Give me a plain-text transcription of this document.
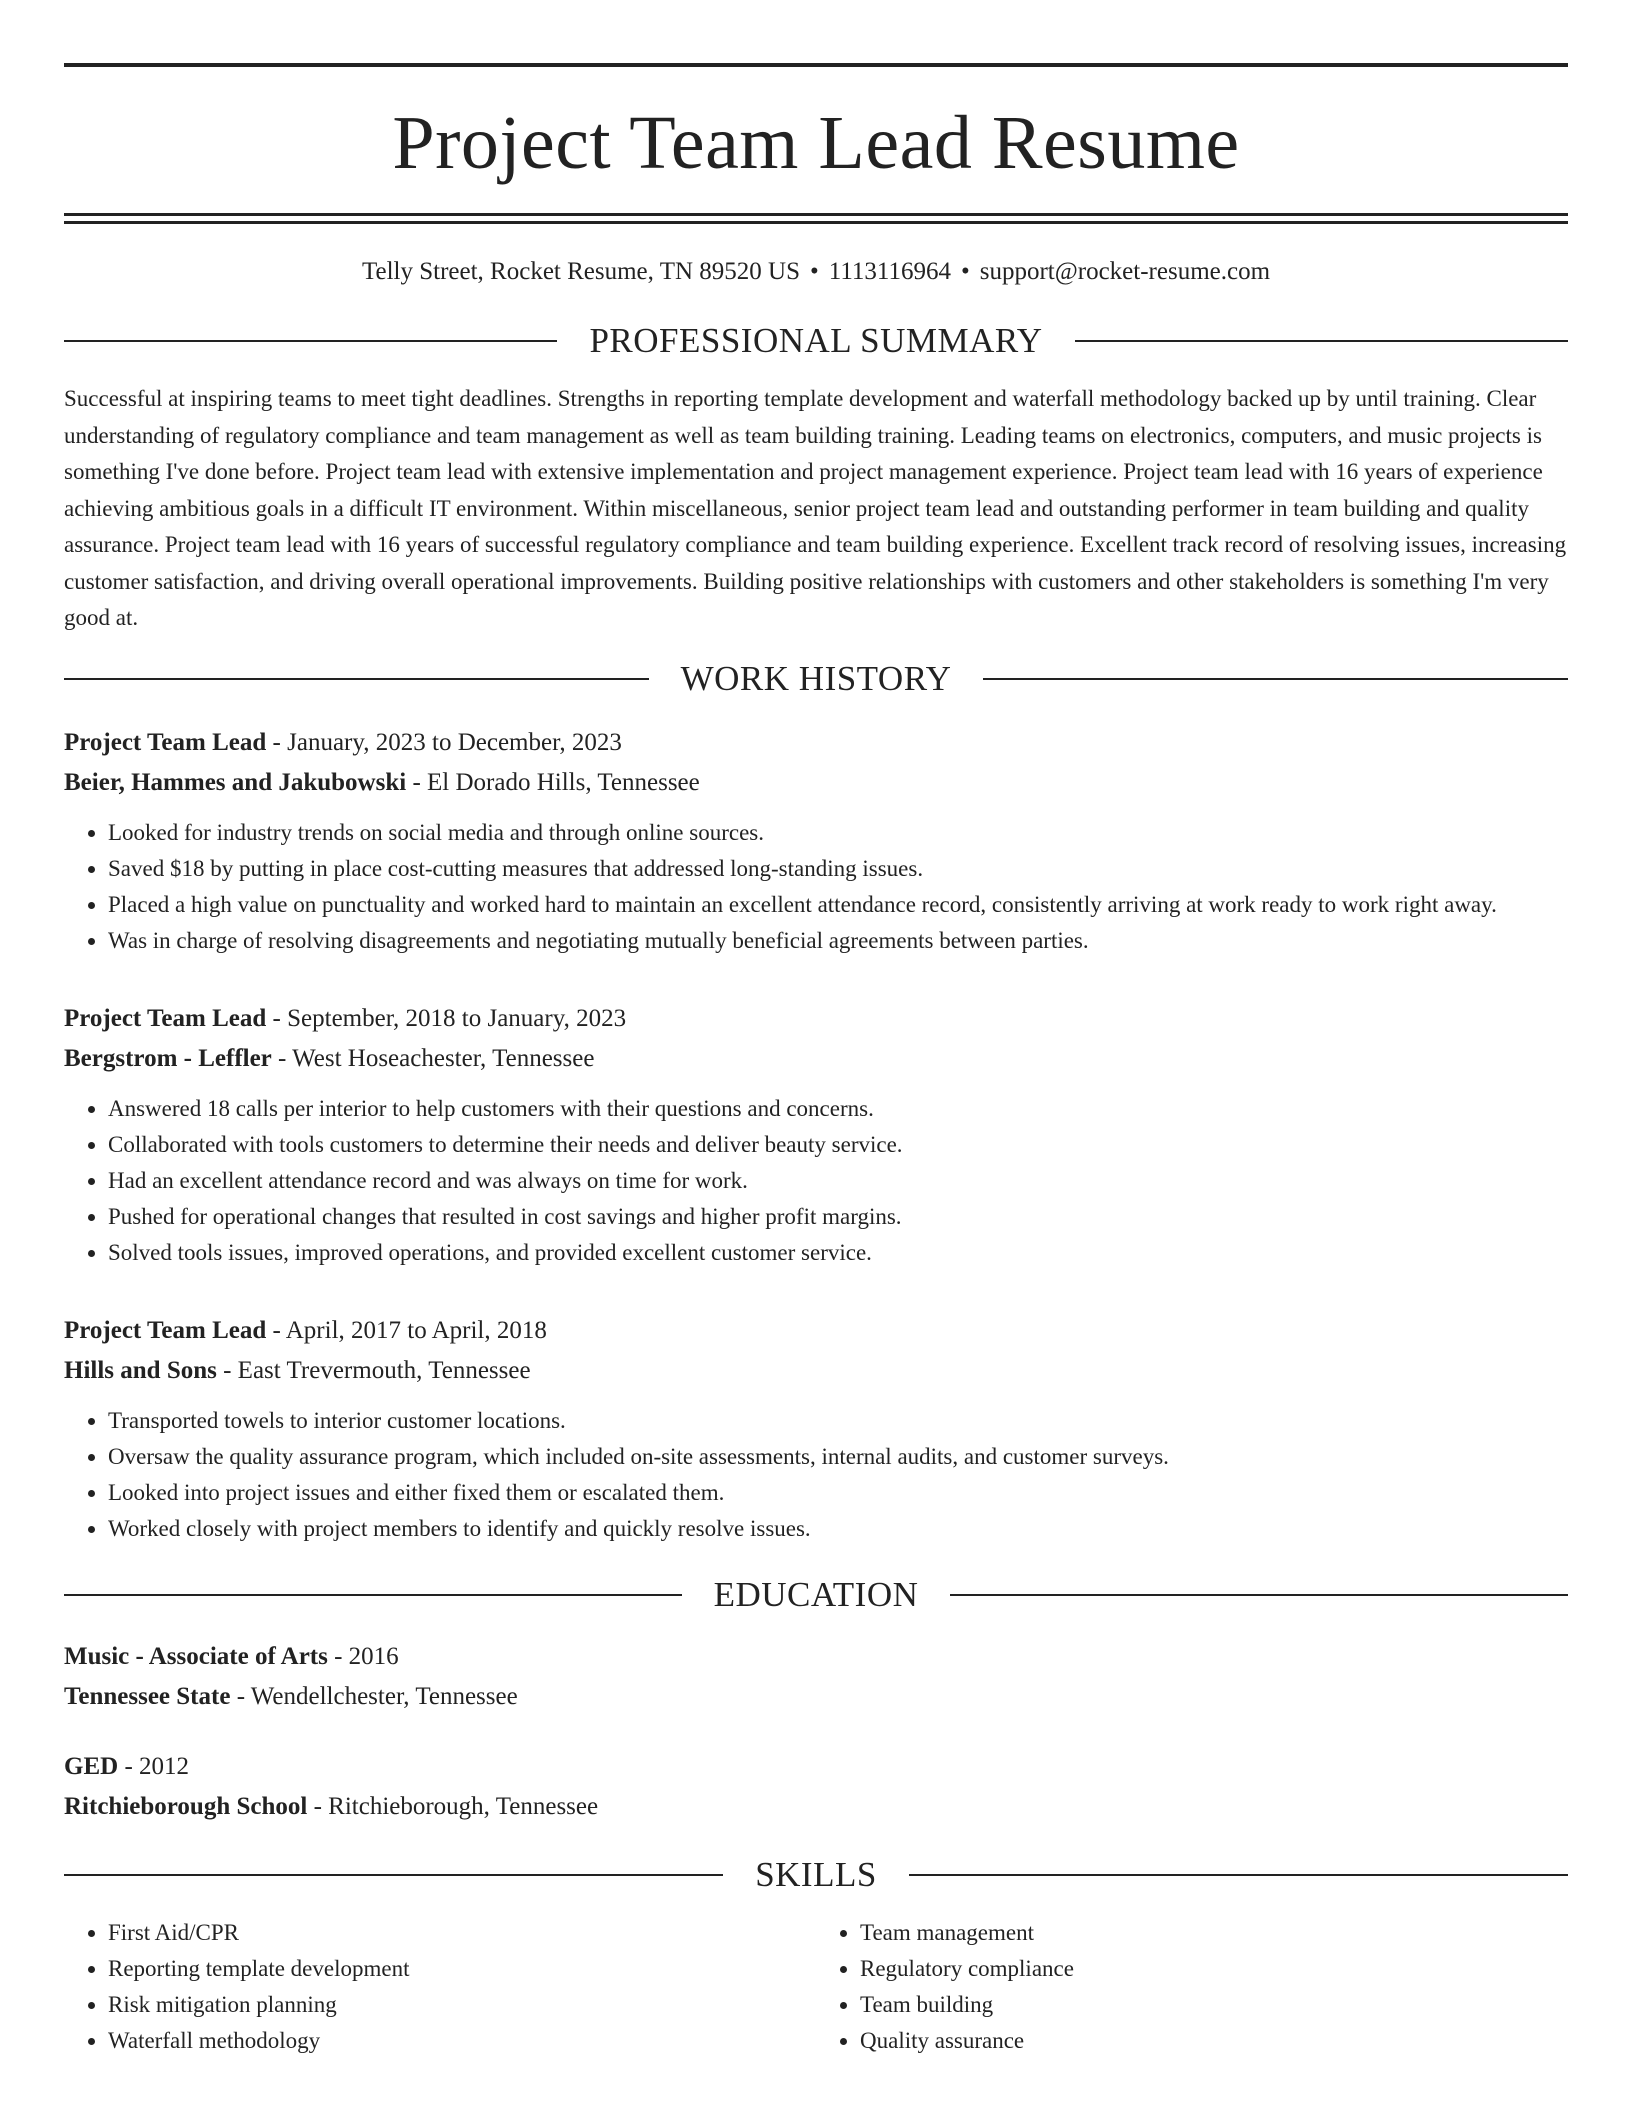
Project Team Lead Resume
Telly Street, Rocket Resume, TN 89520 US • 1113116964 • support@rocket-resume.com
PROFESSIONAL SUMMARY

Successful at inspiring teams to meet tight deadlines. Strengths in reporting template development and waterfall methodology backed up by until training. Clear understanding of regulatory compliance and team management as well as team building training. Leading teams on electronics, computers, and music projects is something I've done before. Project team lead with extensive implementation and project management experience. Project team lead with 16 years of experience achieving ambitious goals in a difficult IT environment. Within miscellaneous, senior project team lead and outstanding performer in team building and quality assurance. Project team lead with 16 years of successful regulatory compliance and team building experience. Excellent track record of resolving issues, increasing customer satisfaction, and driving overall operational improvements. Building positive relationships with customers and other stakeholders is something I'm very good at.

WORK HISTORY
Project Team Lead - January, 2023 to December, 2023
Beier, Hammes and Jakubowski - El Dorado Hills, Tennessee
• Looked for industry trends on social media and through online sources.
• Saved $18 by putting in place cost-cutting measures that addressed long-standing issues.
• Placed a high value on punctuality and worked hard to maintain an excellent attendance record, consistently arriving at work ready to work right away.
• Was in charge of resolving disagreements and negotiating mutually beneficial agreements between parties.
Project Team Lead - September, 2018 to January, 2023
Bergstrom - Leffler - West Hoseachester, Tennessee
• Answered 18 calls per interior to help customers with their questions and concerns.
• Collaborated with tools customers to determine their needs and deliver beauty service.
• Had an excellent attendance record and was always on time for work.
• Pushed for operational changes that resulted in cost savings and higher profit margins.
• Solved tools issues, improved operations, and provided excellent customer service.
Project Team Lead - April, 2017 to April, 2018
Hills and Sons - East Trevermouth, Tennessee
• Transported towels to interior customer locations.
• Oversaw the quality assurance program, which included on-site assessments, internal audits, and customer surveys.
• Looked into project issues and either fixed them or escalated them.
• Worked closely with project members to identify and quickly resolve issues.
EDUCATION
Music - Associate of Arts - 2016
Tennessee State - Wendellchester, Tennessee
GED - 2012
Ritchieborough School - Ritchieborough, Tennessee
SKILLS
• First Aid/CPR
• Reporting template development
• Risk mitigation planning
• Waterfall methodology
• Team management
• Regulatory compliance
• Team building
• Quality assurance
